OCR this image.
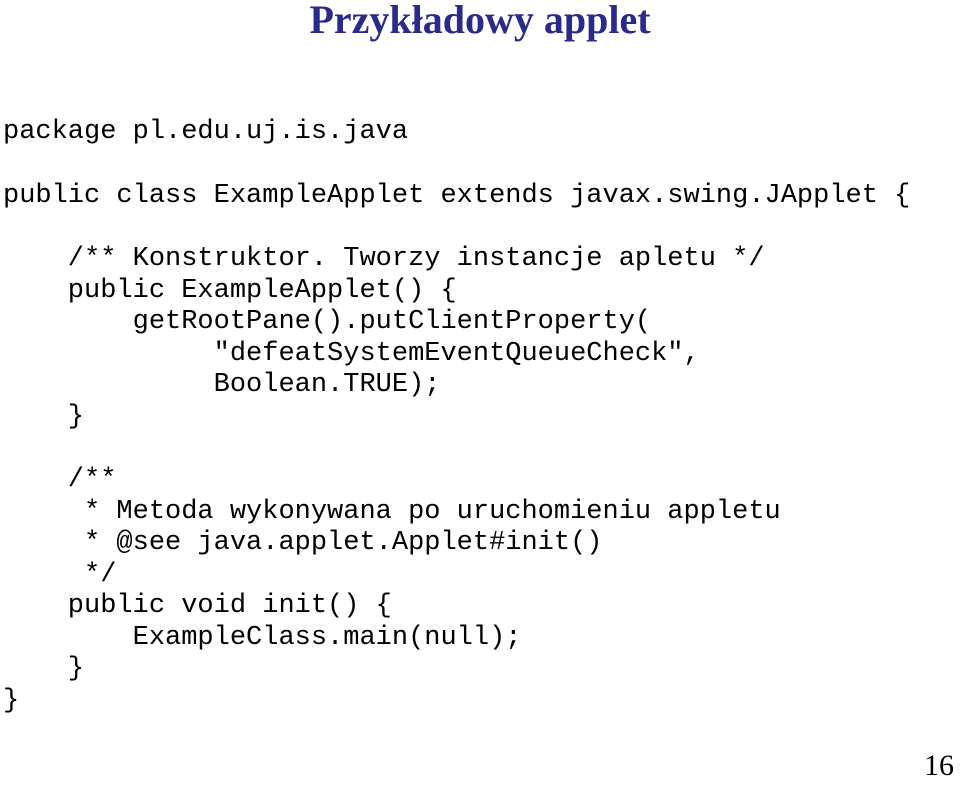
Przykładowy applet
package pl.edu.uj.is.java
public class ExampleApplet extends javax.swing.JApplet {
/** Konstruktor. Tworzy instancje apletu */
public ExampleApplet() {
getRootPane().putClientProperty(
"defeatSystemEventQueueCheck",
Boolean.TRUE);
}
/**
* Metoda wykonywana po uruchomieniu appletu
* @see java.applet.Applet#init()
*/
public void init() {
ExampleClass.main(null);
}
}
16
